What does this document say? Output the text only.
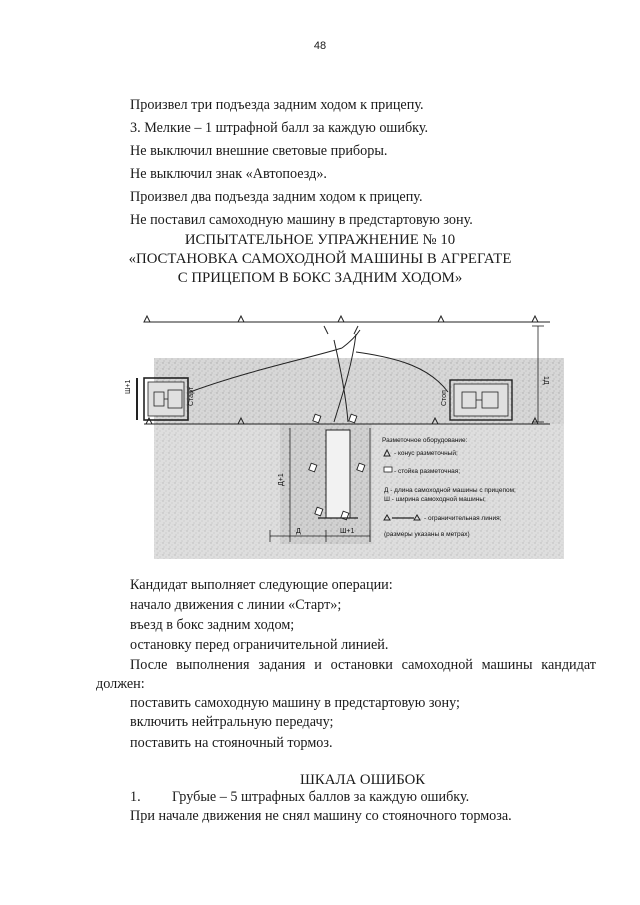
48
Произвел три подъезда задним ходом к прицепу.
3. Мелкие – 1 штрафной балл за каждую ошибку.
Не выключил внешние световые приборы.
Не выключил знак «Автопоезд».
Произвел два подъезда задним ходом к прицепу.
Не поставил самоходную машину в предстартовую зону.
ИСПЫТАТЕЛЬНОЕ УПРАЖНЕНИЕ № 10
«ПОСТАНОВКА САМОХОДНОЙ МАШИНЫ В АГРЕГАТЕ
С ПРИЦЕПОМ В БОКС ЗАДНИМ ХОДОМ»
1Д
Ш+1
Старт	Стоп
Д+1
Д	Ш+1
Разметочное оборудование:
- конус разметочный;
- стойка разметочная;
Д - длина самоходной машины с прицепом;
Ш - ширина самоходной машины;
- ограничительная линия;
(размеры указаны в метрах)
Кандидат выполняет следующие операции:
начало движения с линии «Старт»;
въезд в бокс задним ходом;
остановку перед ограничительной линией.
После выполнения задания и остановки самоходной машины кандидат
должен:
поставить самоходную машину в предстартовую зону;
включить нейтральную передачу;
поставить на стояночный тормоз.
ШКАЛА ОШИБОК
1. Грубые – 5 штрафных баллов за каждую ошибку.
При начале движения не снял машину со стояночного тормоза.
